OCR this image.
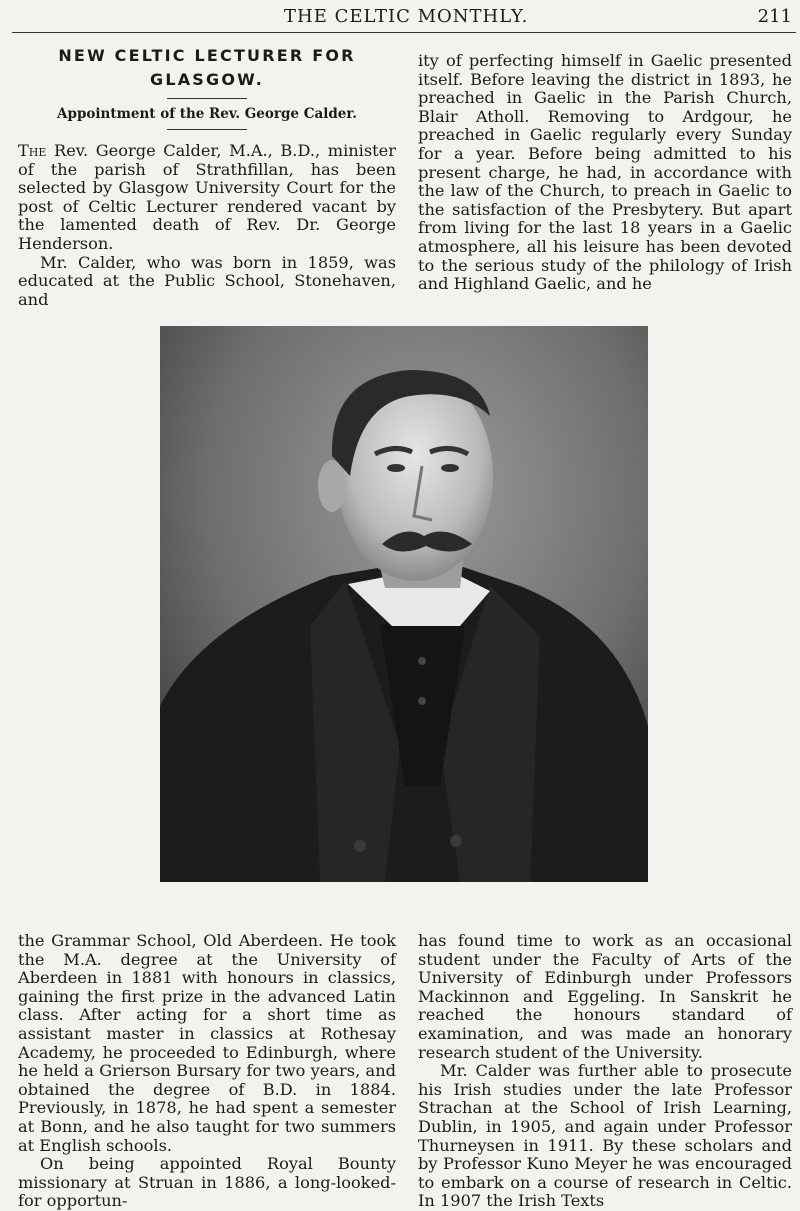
THE CELTIC MONTHLY.	211
NEW CELTIC LECTURER FOR
GLASGOW.
Appointment of the Rev. George Calder.

The Rev. George Calder, M.A., B.D., minister of the parish of Strathfillan, has been selected by Glasgow University Court for the post of Celtic Lecturer rendered vacant by the lamented death of Rev. Dr. George Henderson.

Mr. Calder, who was born in 1859, was educated at the Public School, Stonehaven, and

ity of perfecting himself in Gaelic presented itself. Before leaving the district in 1893, he preached in Gaelic in the Parish Church, Blair Atholl. Removing to Ardgour, he preached in Gaelic regularly every Sunday for a year. Before being admitted to his present charge, he had, in accordance with the law of the Church, to preach in Gaelic to the satisfaction of the Presbytery. But apart from living for the last 18 years in a Gaelic atmosphere, all his leisure has been devoted to the serious study of the philology of Irish and Highland Gaelic, and he

the Grammar School, Old Aberdeen. He took the M.A. degree at the University of Aberdeen in 1881 with honours in classics, gaining the first prize in the advanced Latin class. After acting for a short time as assistant master in classics at Rothesay Academy, he proceeded to Edinburgh, where he held a Grierson Bursary for two years, and obtained the degree of B.D. in 1884. Previously, in 1878, he had spent a semester at Bonn, and he also taught for two summers at English schools.

On being appointed Royal Bounty missionary at Struan in 1886, a long-looked-for opportun-

has found time to work as an occasional student under the Faculty of Arts of the University of Edinburgh under Professors Mackinnon and Eggeling. In Sanskrit he reached the honours standard of examination, and was made an honorary research student of the University.

Mr. Calder was further able to prosecute his Irish studies under the late Professor Strachan at the School of Irish Learning, Dublin, in 1905, and again under Professor Thurneysen in 1911. By these scholars and by Professor Kuno Meyer he was encouraged to embark on a course of research in Celtic. In 1907 the Irish Texts
